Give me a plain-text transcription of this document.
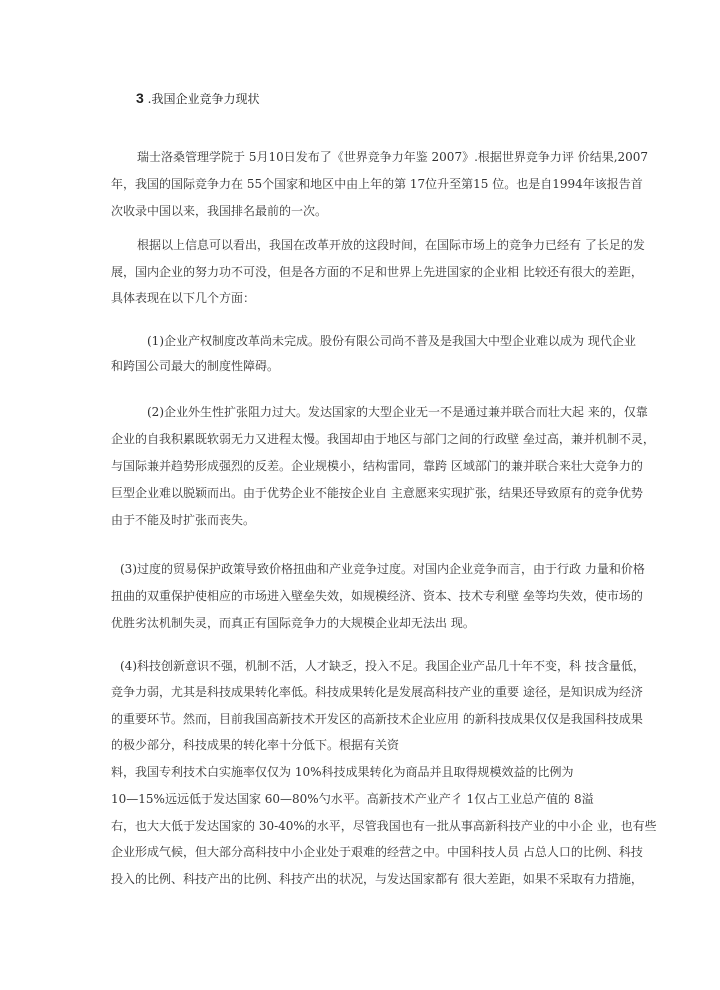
3 .我国企业竞争力现状
瑞士洛桑管理学院于 5月10日发布了《世界竞争力年鉴 2007》.根据世界竞争力评 价结果,2007
年，我国的国际竞争力在 55个国家和地区中由上年的第 17位升至第15 位。也是自1994年该报告首
次收录中国以来，我国排名最前的一次。
根据以上信息可以看出，我国在改革开放的这段时间，在国际市场上的竞争力已经有 了长足的发
展，国内企业的努力功不可没，但是各方面的不足和世界上先进国家的企业相 比较还有很大的差距，
具体表现在以下几个方面：
(1)企业产权制度改革尚未完成。股份有限公司尚不普及是我国大中型企业难以成为 现代企业
和跨国公司最大的制度性障碍。
(2)企业外生性扩张阻力过大。发达国家的大型企业无一不是通过兼并联合而壮大起 来的，仅靠
企业的自我积累既软弱无力又进程太慢。我国却由于地区与部门之间的行政壁 垒过高，兼并机制不灵，
与国际兼并趋势形成强烈的反差。企业规模小，结构雷同，靠跨 区域部门的兼并联合来壮大竞争力的
巨型企业难以脱颖而出。由于优势企业不能按企业自 主意愿来实现扩张，结果还导致原有的竞争优势
由于不能及时扩张而丧失。
(3)过度的贸易保护政策导致价格扭曲和产业竞争过度。对国内企业竞争而言，由于行政 力量和价格
扭曲的双重保护使相应的市场进入壁垒失效，如规模经济、资本、技术专利壁 垒等均失效，使市场的
优胜劣汰机制失灵，而真正有国际竞争力的大规模企业却无法出 现。
(4)科技创新意识不强，机制不活，人才缺乏，投入不足。我国企业产品几十年不变，科 技含量低，
竞争力弱，尤其是科技成果转化率低。科技成果转化是发展高科技产业的重要 途径，是知识成为经济
的重要环节。然而，目前我国高新技术开发区的高新技术企业应用 的新科技成果仅仅是我国科技成果
的极少部分，科技成果的转化率十分低下。根据有关资
料，我国专利技术白实施率仅仅为 10%科技成果转化为商品并且取得规模效益的比例为
10—15%远远低于发达国家 60—80%勺水平。高新技术产业产彳 1仅占工业总产值的 8溢
右，也大大低于发达国家的 30-40%的水平，尽管我国也有一批从事高新科技产业的中小企 业，也有些
企业形成气候，但大部分高科技中小企业处于艰难的经营之中。中国科技人员 占总人口的比例、科技
投入的比例、科技产出的比例、科技产出的状况，与发达国家都有 很大差距，如果不采取有力措施，
